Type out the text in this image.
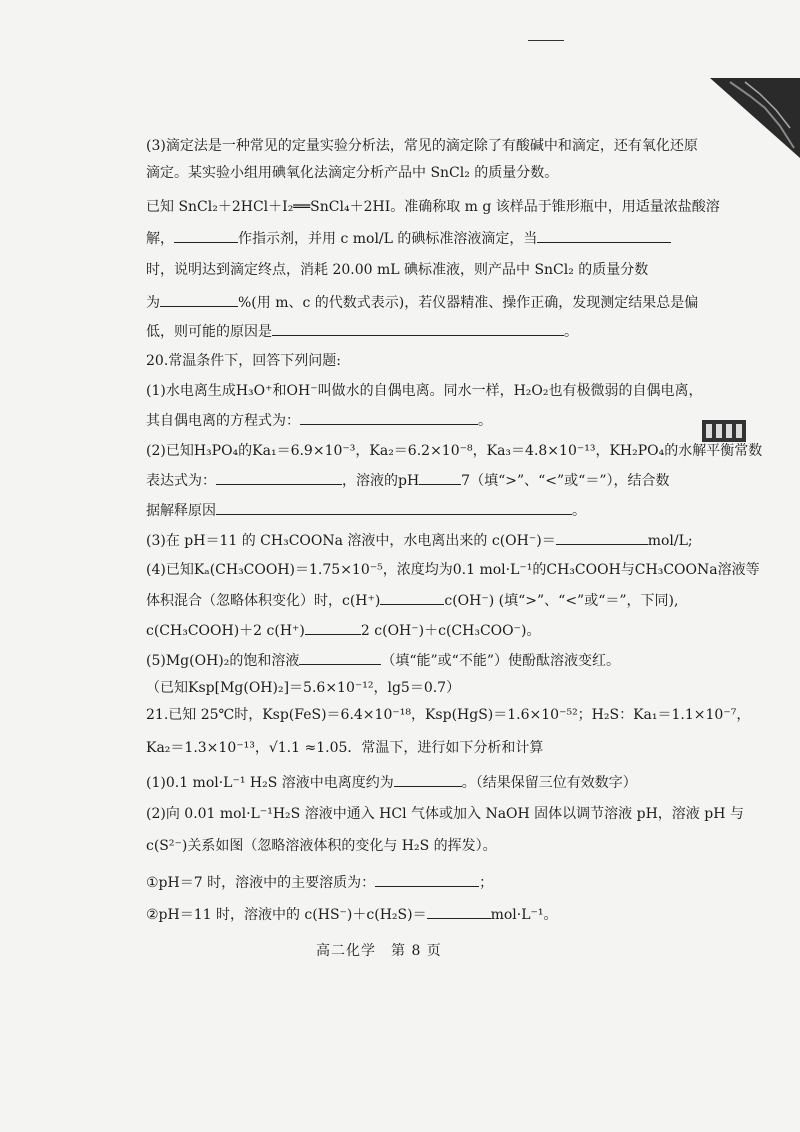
(3)滴定法是一种常见的定量实验分析法，常见的滴定除了有酸碱中和滴定，还有氧化还原
滴定。某实验小组用碘氧化法滴定分析产品中 SnCl₂ 的质量分数。
已知 SnCl₂＋2HCl＋I₂══SnCl₄＋2HI。准确称取 m g 该样品于锥形瓶中，用适量浓盐酸溶
解，	作指示剂，并用 c mol/L 的碘标准溶液滴定，当
时，说明达到滴定终点，消耗 20.00 mL 碘标准液，则产品中 SnCl₂ 的质量分数
为	%(用 m、c 的代数式表示)，若仪器精准、操作正确，发现测定结果总是偏
低，则可能的原因是	。
20.常温条件下，回答下列问题:
(1)水电离生成H₃O⁺和OH⁻叫做水的自偶电离。同水一样，H₂O₂也有极微弱的自偶电离，
其自偶电离的方程式为：	。
(2)已知H₃PO₄的Ka₁＝6.9×10⁻³，Ka₂＝6.2×10⁻⁸，Ka₃＝4.8×10⁻¹³，KH₂PO₄的水解平衡常数
表达式为：	，溶液的pH	7（填“>”、“<”或“＝”），结合数
据解释原因	。
(3)在 pH＝11 的 CH₃COONa 溶液中，水电离出来的 c(OH⁻)＝	mol/L;
(4)已知Kₐ(CH₃COOH)＝1.75×10⁻⁵，浓度均为0.1 mol·L⁻¹的CH₃COOH与CH₃COONa溶液等
体积混合（忽略体积变化）时，c(H⁺)	c(OH⁻) (填“>”、“<”或“＝”，下同),
c(CH₃COOH)＋2 c(H⁺)	2 c(OH⁻)＋c(CH₃COO⁻)。
(5)Mg(OH)₂的饱和溶液	（填“能”或“不能”）使酚酞溶液变红。
（已知Ksp[Mg(OH)₂]＝5.6×10⁻¹²，lg5＝0.7）
21.已知 25℃时，Ksp(FeS)＝6.4×10⁻¹⁸，Ksp(HgS)＝1.6×10⁻⁵²；H₂S：Ka₁＝1.1×10⁻⁷，
Ka₂＝1.3×10⁻¹³，√1.1 ≈1.05．常温下，进行如下分析和计算
(1)0.1 mol·L⁻¹ H₂S 溶液中电离度约为	。（结果保留三位有效数字）
(2)向 0.01 mol·L⁻¹H₂S 溶液中通入 HCl 气体或加入 NaOH 固体以调节溶液 pH，溶液 pH 与
c(S²⁻)关系如图（忽略溶液体积的变化与 H₂S 的挥发）。
①pH＝7 时，溶液中的主要溶质为：	；
②pH＝11 时，溶液中的 c(HS⁻)＋c(H₂S)＝	mol·L⁻¹。
高二化学　第 8 页
